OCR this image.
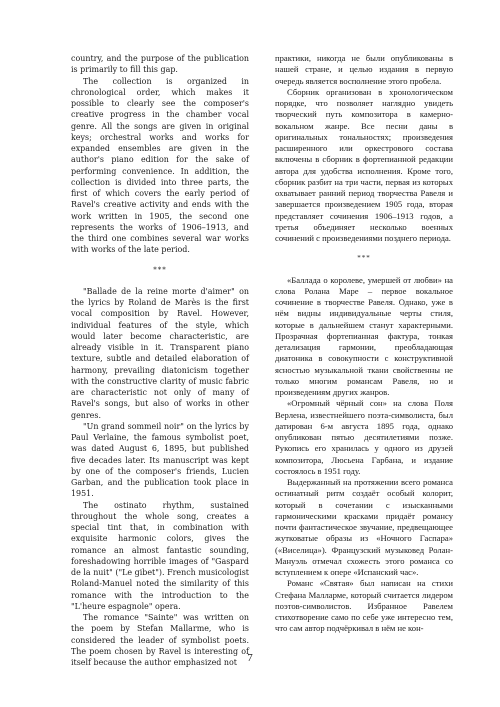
country, and the purpose of the publication is primarily to fill this gap.

The collection is organized in chronological order, which makes it possible to clearly see the composer's creative progress in the chamber vocal genre. All the songs are given in original keys; orchestral works and works for expanded ensembles are given in the author's piano edition for the sake of performing convenience. In addition, the collection is divided into three parts, the first of which covers the early period of Ravel's creative activity and ends with the work written in 1905, the second one represents the works of 1906–1913, and the third one combines several war works with works of the late period.

***

"Ballade de la reine morte d'aimer" on the lyrics by Roland de Marès is the first vocal composition by Ravel. However, individual features of the style, which would later become characteristic, are already visible in it. Transparent piano texture, subtle and detailed elaboration of harmony, prevailing diatonicism together with the constructive clarity of music fabric are characteristic not only of many of Ravel's songs, but also of works in other genres.

"Un grand sommeil noir" on the lyrics by Paul Verlaine, the famous symbolist poet, was dated August 6, 1895, but published five decades later. Its manuscript was kept by one of the composer's friends, Lucien Garban, and the publication took place in 1951.

The ostinato rhythm, sustained throughout the whole song, creates a special tint that, in combination with exquisite harmonic colors, gives the romance an almost fantastic sounding, foreshadowing horrible images of "Gaspard de la nuit" ("Le gibet"). French musicologist Roland-Manuel noted the similarity of this romance with the introduction to the "L'heure espagnole" opera.

The romance "Sainte" was written on the poem by Stefan Mallarme, who is considered the leader of symbolist poets. The poem chosen by Ravel is interesting of itself because the author emphasized not

практики, никогда не были опубликованы в нашей стране, и целью издания в первую очередь является восполнение этого пробела.

Сборник организован в хронологическом порядке, что позволяет наглядно увидеть творческий путь композитора в камерно-вокальном жанре. Все песни даны в оригинальных тональностях; произведения расширенного или оркестрового состава включены в сборник в фортепианной редакции автора для удобства исполнения. Кроме того, сборник разбит на три части, первая из которых охватывает ранний период творчества Равеля и завершается произведением 1905 года, вторая представляет сочинения 1906–1913 годов, а третья объединяет несколько военных сочинений с произведениями позднего периода.

***

«Баллада о королеве, умершей от любви» на слова Ролана Маре – первое вокальное сочинение в творчестве Равеля. Однако, уже в нём видны индивидуальные черты стиля, которые в дальнейшем станут характерными. Прозрачная фортепианная фактура, тонкая детализация гармонии, преобладающая диатоника в совокупности с конструктивной ясностью музыкальной ткани свойственны не только многим романсам Равеля, но и произведениям других жанров.

«Огромный чёрный сон» на слова Поля Верлена, известнейшего поэта-символиста, был датирован 6-м августа 1895 года, однако опубликован пятью десятилетиями позже. Рукопись его хранилась у одного из друзей композитора, Люсьена Гарбана, и издание состоялось в 1951 году.

Выдержанный на протяжении всего романса остинатный ритм создаёт особый колорит, который в сочетании с изысканными гармоническими красками придаёт романсу почти фантастическое звучание, предвещающее жутковатые образы из «Ночного Гаспара» («Виселица»). Французский музыковед Ролан-Мануэль отмечал схожесть этого романса со вступлением к опере «Испанский час».

Романс «Святая» был написан на стихи Стефана Малларме, который считается лидером поэтов-символистов. Избранное Равелем стихотворение само по себе уже интересно тем, что сам автор подчёркивал в нём не кон-

7
